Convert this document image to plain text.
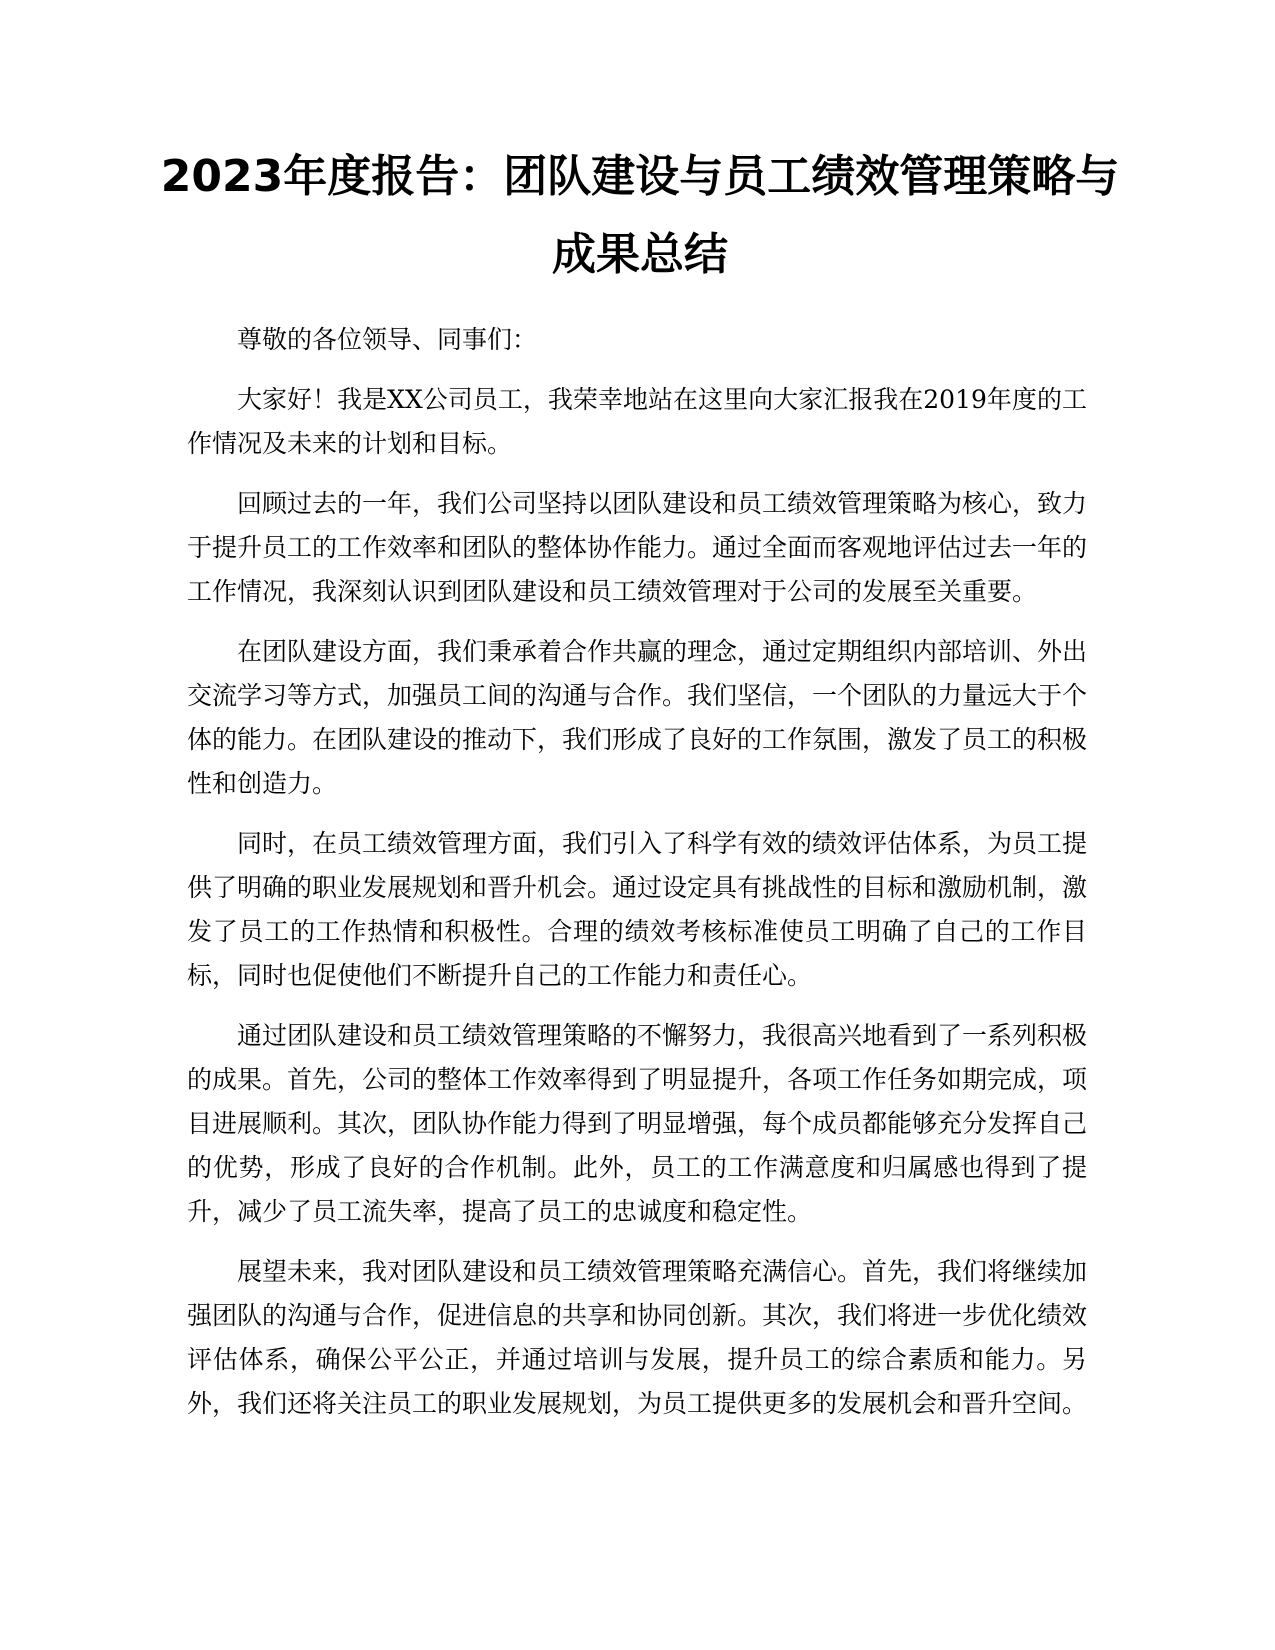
2023年度报告：团队建设与员工绩效管理策略与成果总结

尊敬的各位领导、同事们：

大家好！我是XX公司员工，我荣幸地站在这里向大家汇报我在2019年度的工作情况及未来的计划和目标。

回顾过去的一年，我们公司坚持以团队建设和员工绩效管理策略为核心，致力于提升员工的工作效率和团队的整体协作能力。通过全面而客观地评估过去一年的工作情况，我深刻认识到团队建设和员工绩效管理对于公司的发展至关重要。

在团队建设方面，我们秉承着合作共赢的理念，通过定期组织内部培训、外出交流学习等方式，加强员工间的沟通与合作。我们坚信，一个团队的力量远大于个体的能力。在团队建设的推动下，我们形成了良好的工作氛围，激发了员工的积极性和创造力。

同时，在员工绩效管理方面，我们引入了科学有效的绩效评估体系，为员工提供了明确的职业发展规划和晋升机会。通过设定具有挑战性的目标和激励机制，激发了员工的工作热情和积极性。合理的绩效考核标准使员工明确了自己的工作目标，同时也促使他们不断提升自己的工作能力和责任心。

通过团队建设和员工绩效管理策略的不懈努力，我很高兴地看到了一系列积极的成果。首先，公司的整体工作效率得到了明显提升，各项工作任务如期完成，项目进展顺利。其次，团队协作能力得到了明显增强，每个成员都能够充分发挥自己的优势，形成了良好的合作机制。此外，员工的工作满意度和归属感也得到了提升，减少了员工流失率，提高了员工的忠诚度和稳定性。

展望未来，我对团队建设和员工绩效管理策略充满信心。首先，我们将继续加强团队的沟通与合作，促进信息的共享和协同创新。其次，我们将进一步优化绩效评估体系，确保公平公正，并通过培训与发展，提升员工的综合素质和能力。另外，我们还将关注员工的职业发展规划，为员工提供更多的发展机会和晋升空间。
